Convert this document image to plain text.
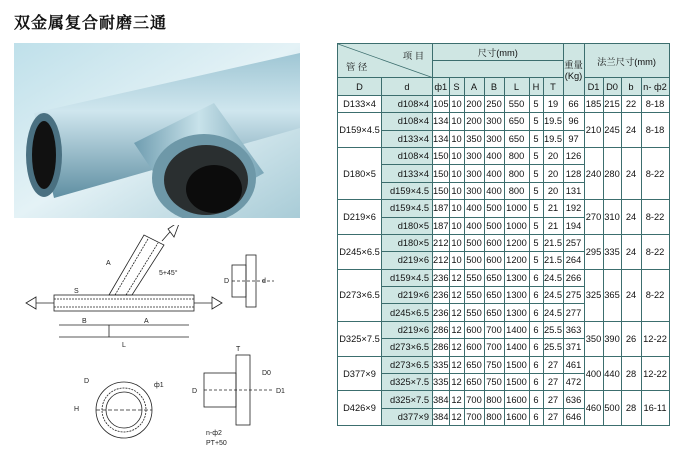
双金属复合耐磨三通
B	A
L
A
5+45°
S
D
ф1
H
D	d
D
D0
D1
n-ф2
PT+50
T
项 目
管 径		尺寸(mm)							重量 (Kg)	法兰尺寸(mm)			

D	d	ф1	S	A	B	L	H	T		D1	D0	b	n- ф2
D133×4	d108×4	105	10	200	250	550	5	19	66	185	215	22	8-18
D159×4.5	d108×4	134	10	200	300	650	5	19.5	96	210	245	24	8-18
	d133×4	134	10	350	300	650	5	19.5	97				
D180×5	d108×4	150	10	300	400	800	5	20	126	240	280	24	8-22
	d133×4	150	10	300	400	800	5	20	128				
	d159×4.5	150	10	300	400	800	5	20	131				
D219×6	d159×4.5	187	10	400	500	1000	5	21	192	270	310	24	8-22
	d180×5	187	10	400	500	1000	5	21	194				
D245×6.5	d180×5	212	10	500	600	1200	5	21.5	257	295	335	24	8-22
	d219×6	212	10	500	600	1200	5	21.5	264				
D273×6.5	d159×4.5	236	12	550	650	1300	6	24.5	266	325	365	24	8-22
	d219×6	236	12	550	650	1300	6	24.5	275				
	d245×6.5	236	12	550	650	1300	6	24.5	277				
D325×7.5	d219×6	286	12	600	700	1400	6	25.5	363	350	390	26	12-22
	d273×6.5	286	12	600	700	1400	6	25.5	371				
D377×9	d273×6.5	335	12	650	750	1500	6	27	461	400	440	28	12-22
	d325×7.5	335	12	650	750	1500	6	27	472				
D426×9	d325×7.5	384	12	700	800	1600	6	27	636	460	500	28	16-11
	d377×9	384	12	700	800	1600	6	27	646				
